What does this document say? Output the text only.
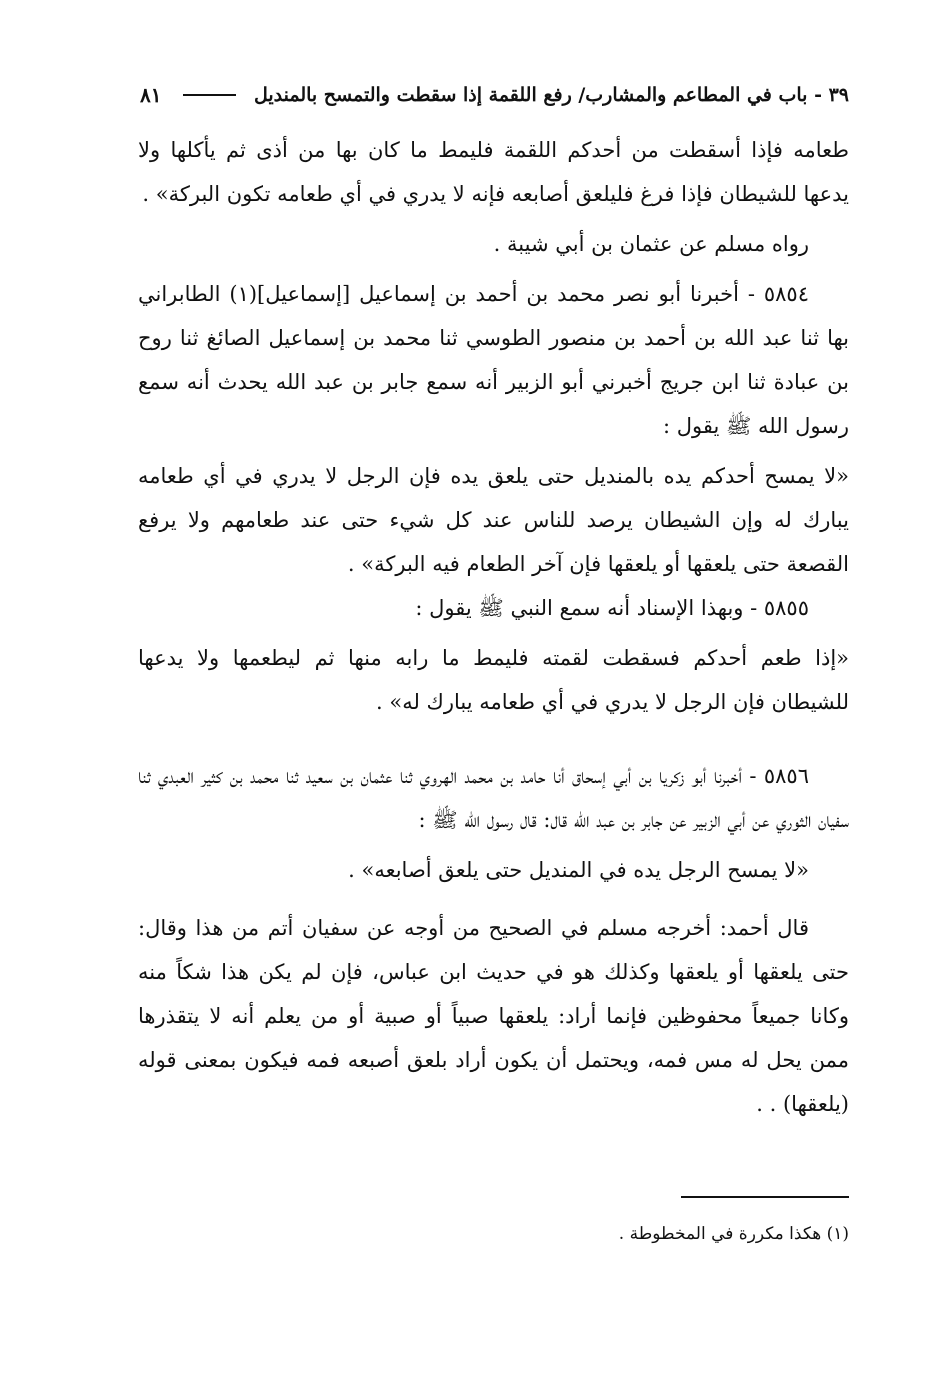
٣٩ - باب في المطاعم والمشارب/ رفع اللقمة إذا سقطت والتمسح بالمنديل
٨١

طعامه فإذا أسقطت من أحدكم اللقمة فليمط ما كان بها من أذى ثم يأكلها ولا يدعها للشيطان فإذا فرغ فليلعق أصابعه فإنه لا يدري في أي طعامه تكون البركة» .

رواه مسلم عن عثمان بن أبي شيبة .

٥٨٥٤ - أخبرنا أبو نصر محمد بن أحمد بن إسماعيل [إسماعيل](١) الطابراني بها ثنا عبد الله بن أحمد بن منصور الطوسي ثنا محمد بن إسماعيل الصائغ ثنا روح بن عبادة ثنا ابن جريج أخبرني أبو الزبير أنه سمع جابر بن عبد الله يحدث أنه سمع رسول الله ﷺ يقول :

«لا يمسح أحدكم يده بالمنديل حتى يلعق يده فإن الرجل لا يدري في أي طعامه يبارك له وإن الشيطان يرصد للناس عند كل شيء حتى عند طعامهم ولا يرفع القصعة حتى يلعقها أو يلعقها فإن آخر الطعام فيه البركة» .

٥٨٥٥ - وبهذا الإسناد أنه سمع النبي ﷺ يقول :

«إذا طعم أحدكم فسقطت لقمته فليمط ما رابه منها ثم ليطعمها ولا يدعها للشيطان فإن الرجل لا يدري في أي طعامه يبارك له» .

٥٨٥٦ - أخبرنا أبو زكريا بن أبي إسحاق أنا حامد بن محمد الهروي ثنا عثمان بن سعيد ثنا محمد بن كثير العبدي ثنا سفيان الثوري عن أبي الزبير عن جابر بن عبد الله قال: قال رسول الله ﷺ :

«لا يمسح الرجل يده في المنديل حتى يلعق أصابعه» .

قال أحمد: أخرجه مسلم في الصحيح من أوجه عن سفيان أتم من هذا وقال: حتى يلعقها أو يلعقها وكذلك هو في حديث ابن عباس، فإن لم يكن هذا شكاً منه وكانا جميعاً محفوظين فإنما أراد: يلعقها صبياً أو صبية أو من يعلم أنه لا يتقذرها ممن يحل له مس فمه، ويحتمل أن يكون أراد بلعق أصبعه فمه فيكون بمعنى قوله (يلعقها) . .

(١) هكذا مكررة في المخطوطة .
